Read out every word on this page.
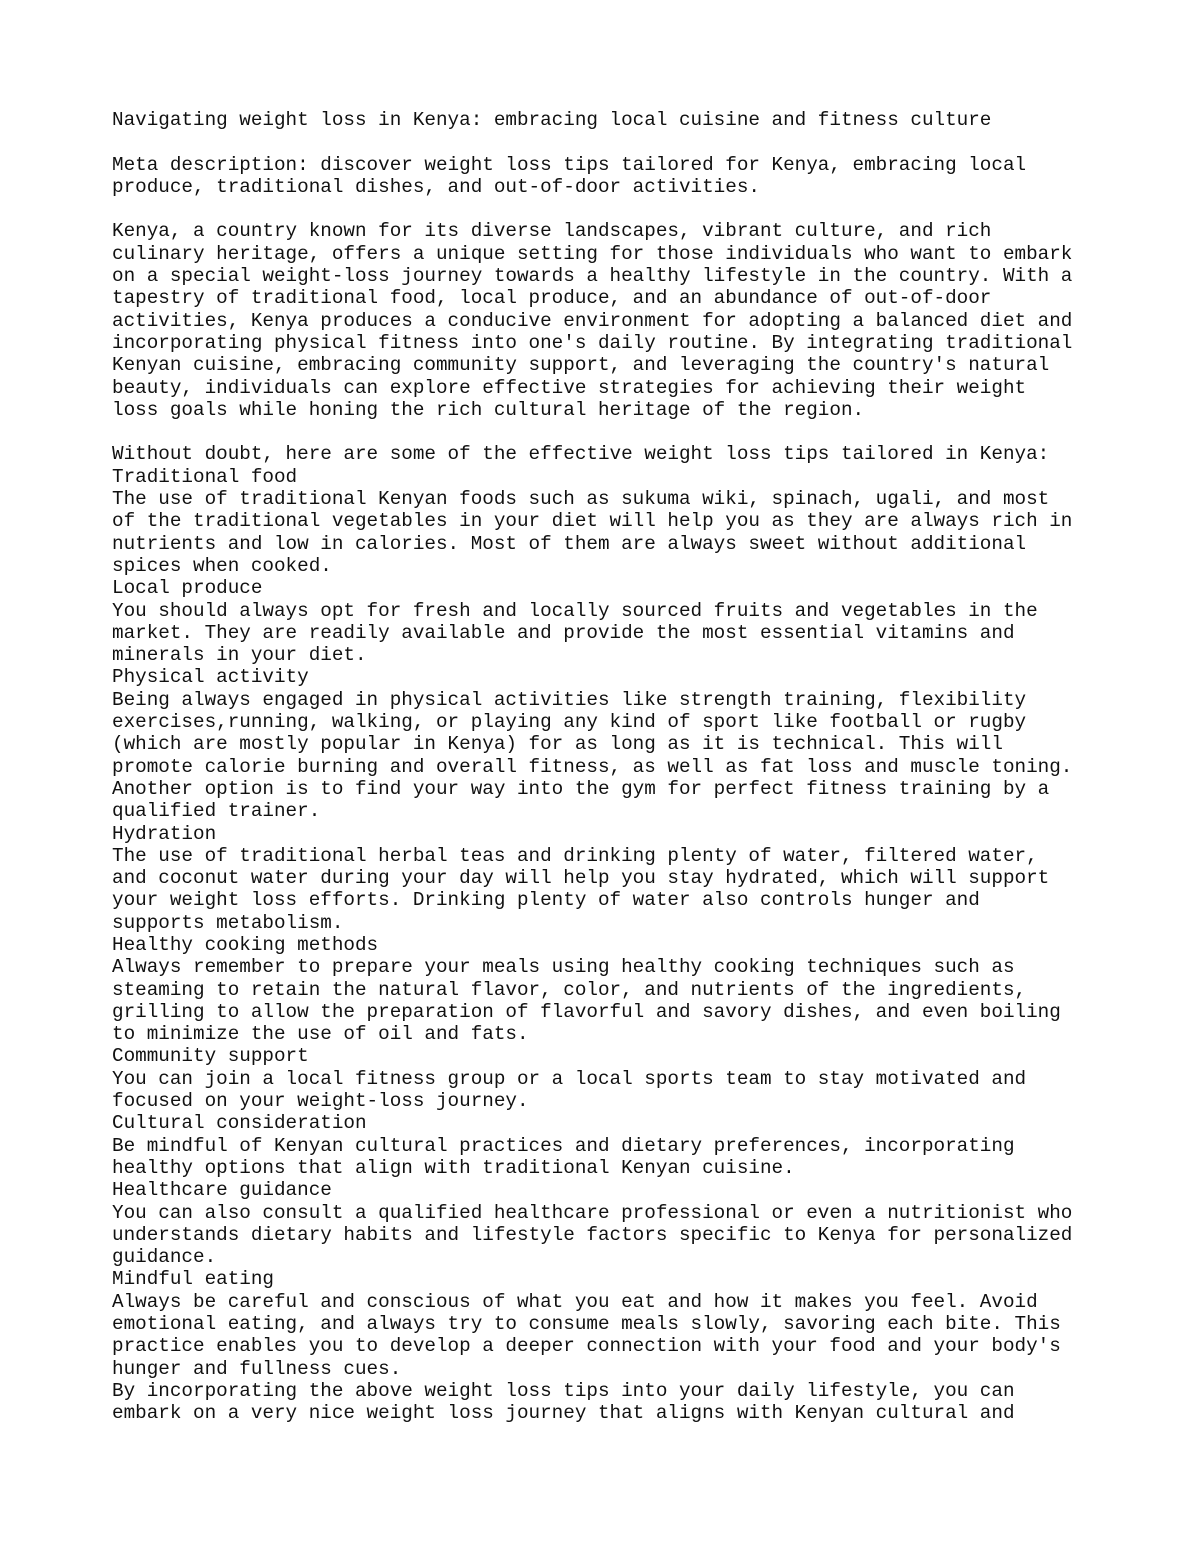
Navigating weight loss in Kenya: embracing local cuisine and fitness culture
Meta description: discover weight loss tips tailored for Kenya, embracing local
produce, traditional dishes, and out-of-door activities.
Kenya, a country known for its diverse landscapes, vibrant culture, and rich
culinary heritage, offers a unique setting for those individuals who want to embark
on a special weight-loss journey towards a healthy lifestyle in the country. With a
tapestry of traditional food, local produce, and an abundance of out-of-door
activities, Kenya produces a conducive environment for adopting a balanced diet and
incorporating physical fitness into one's daily routine. By integrating traditional
Kenyan cuisine, embracing community support, and leveraging the country's natural
beauty, individuals can explore effective strategies for achieving their weight
loss goals while honing the rich cultural heritage of the region.
Without doubt, here are some of the effective weight loss tips tailored in Kenya:
Traditional food
The use of traditional Kenyan foods such as sukuma wiki, spinach, ugali, and most
of the traditional vegetables in your diet will help you as they are always rich in
nutrients and low in calories. Most of them are always sweet without additional
spices when cooked.
Local produce
You should always opt for fresh and locally sourced fruits and vegetables in the
market. They are readily available and provide the most essential vitamins and
minerals in your diet.
Physical activity
Being always engaged in physical activities like strength training, flexibility
exercises,running, walking, or playing any kind of sport like football or rugby
(which are mostly popular in Kenya) for as long as it is technical. This will
promote calorie burning and overall fitness, as well as fat loss and muscle toning.
Another option is to find your way into the gym for perfect fitness training by a
qualified trainer.
Hydration
The use of traditional herbal teas and drinking plenty of water, filtered water,
and coconut water during your day will help you stay hydrated, which will support
your weight loss efforts. Drinking plenty of water also controls hunger and
supports metabolism.
Healthy cooking methods
Always remember to prepare your meals using healthy cooking techniques such as
steaming to retain the natural flavor, color, and nutrients of the ingredients,
grilling to allow the preparation of flavorful and savory dishes, and even boiling
to minimize the use of oil and fats.
Community support
You can join a local fitness group or a local sports team to stay motivated and
focused on your weight-loss journey.
Cultural consideration
Be mindful of Kenyan cultural practices and dietary preferences, incorporating
healthy options that align with traditional Kenyan cuisine.
Healthcare guidance
You can also consult a qualified healthcare professional or even a nutritionist who
understands dietary habits and lifestyle factors specific to Kenya for personalized
guidance.
Mindful eating
Always be careful and conscious of what you eat and how it makes you feel. Avoid
emotional eating, and always try to consume meals slowly, savoring each bite. This
practice enables you to develop a deeper connection with your food and your body's
hunger and fullness cues.
By incorporating the above weight loss tips into your daily lifestyle, you can
embark on a very nice weight loss journey that aligns with Kenyan cultural and
